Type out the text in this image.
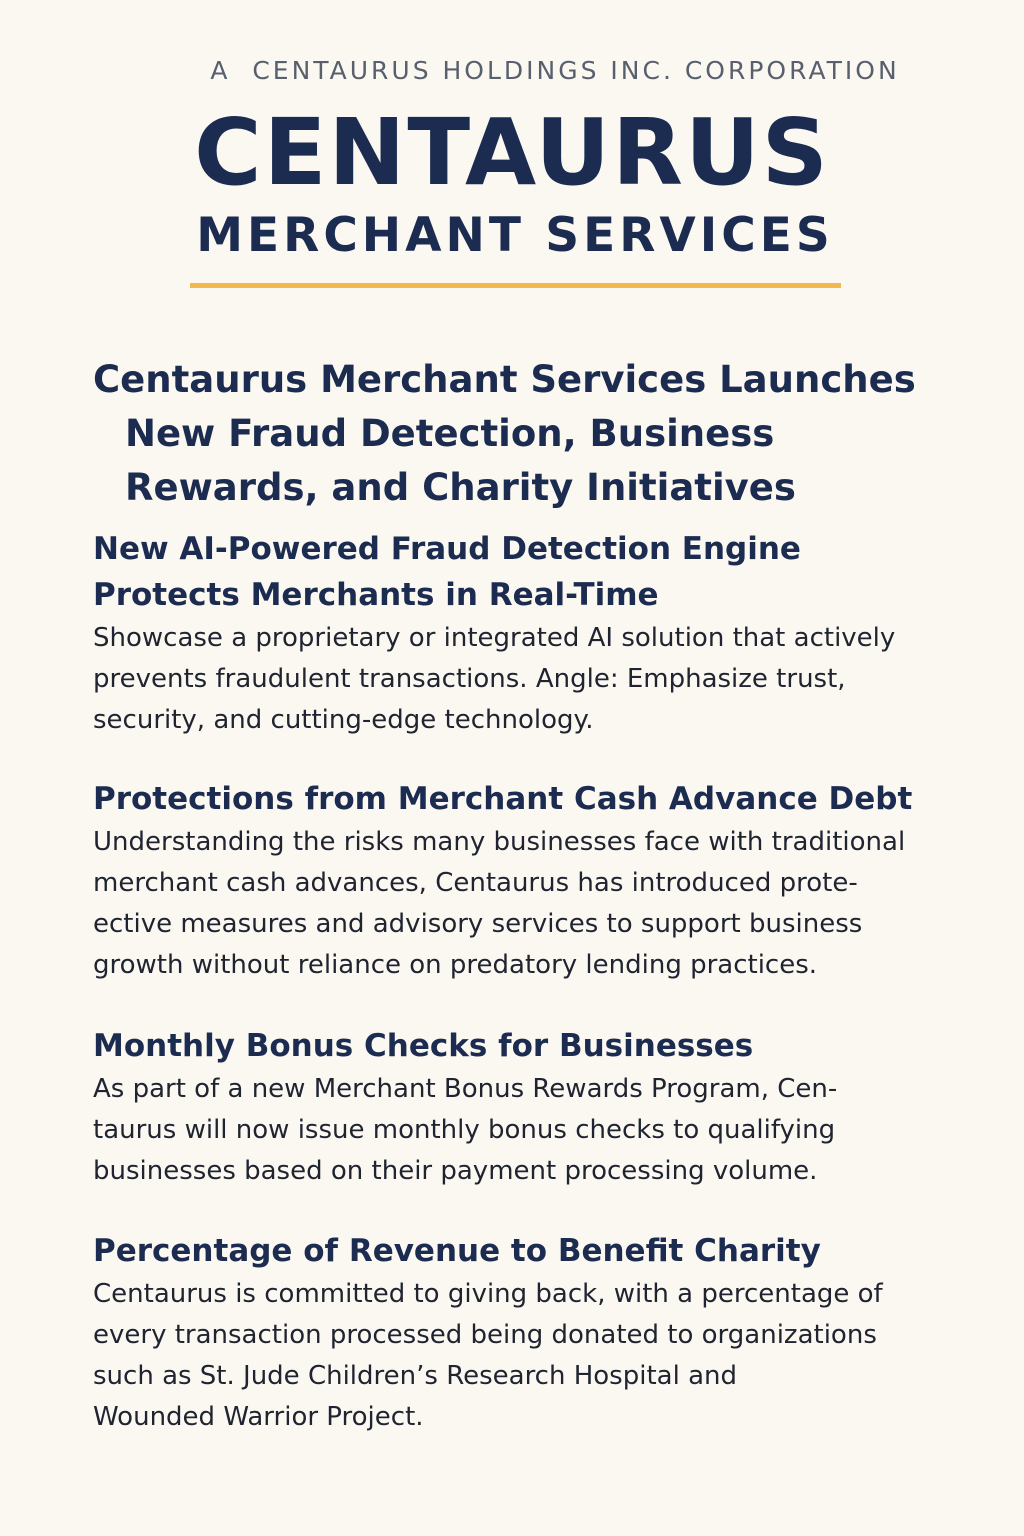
A  CENTAURUS HOLDINGS INC. CORPORATION
CENTAURUS
MERCHANT SERVICES
Centaurus Merchant Services Launches
New Fraud Detection, Business
Rewards, and Charity Initiatives
New AI-Powered Fraud Detection Engine
Protects Merchants in Real-Time

Showcase a proprietary or integrated AI solution that actively
prevents fraudulent transactions. Angle: Emphasize trust,
security, and cutting-edge technology.

Protections from Merchant Cash Advance Debt

Understanding the risks many businesses face with traditional
merchant cash advances, Centaurus has introduced prote-
ective measures and advisory services to support business
growth without reliance on predatory lending practices.

Monthly Bonus Checks for Businesses

As part of a new Merchant Bonus Rewards Program, Cen-
taurus will now issue monthly bonus checks to qualifying
businesses based on their payment processing volume.

Percentage of Revenue to Benefit Charity

Centaurus is committed to giving back, with a percentage of
every transaction processed being donated to organizations
such as St. Jude Children’s Research Hospital and
Wounded Warrior Project.
